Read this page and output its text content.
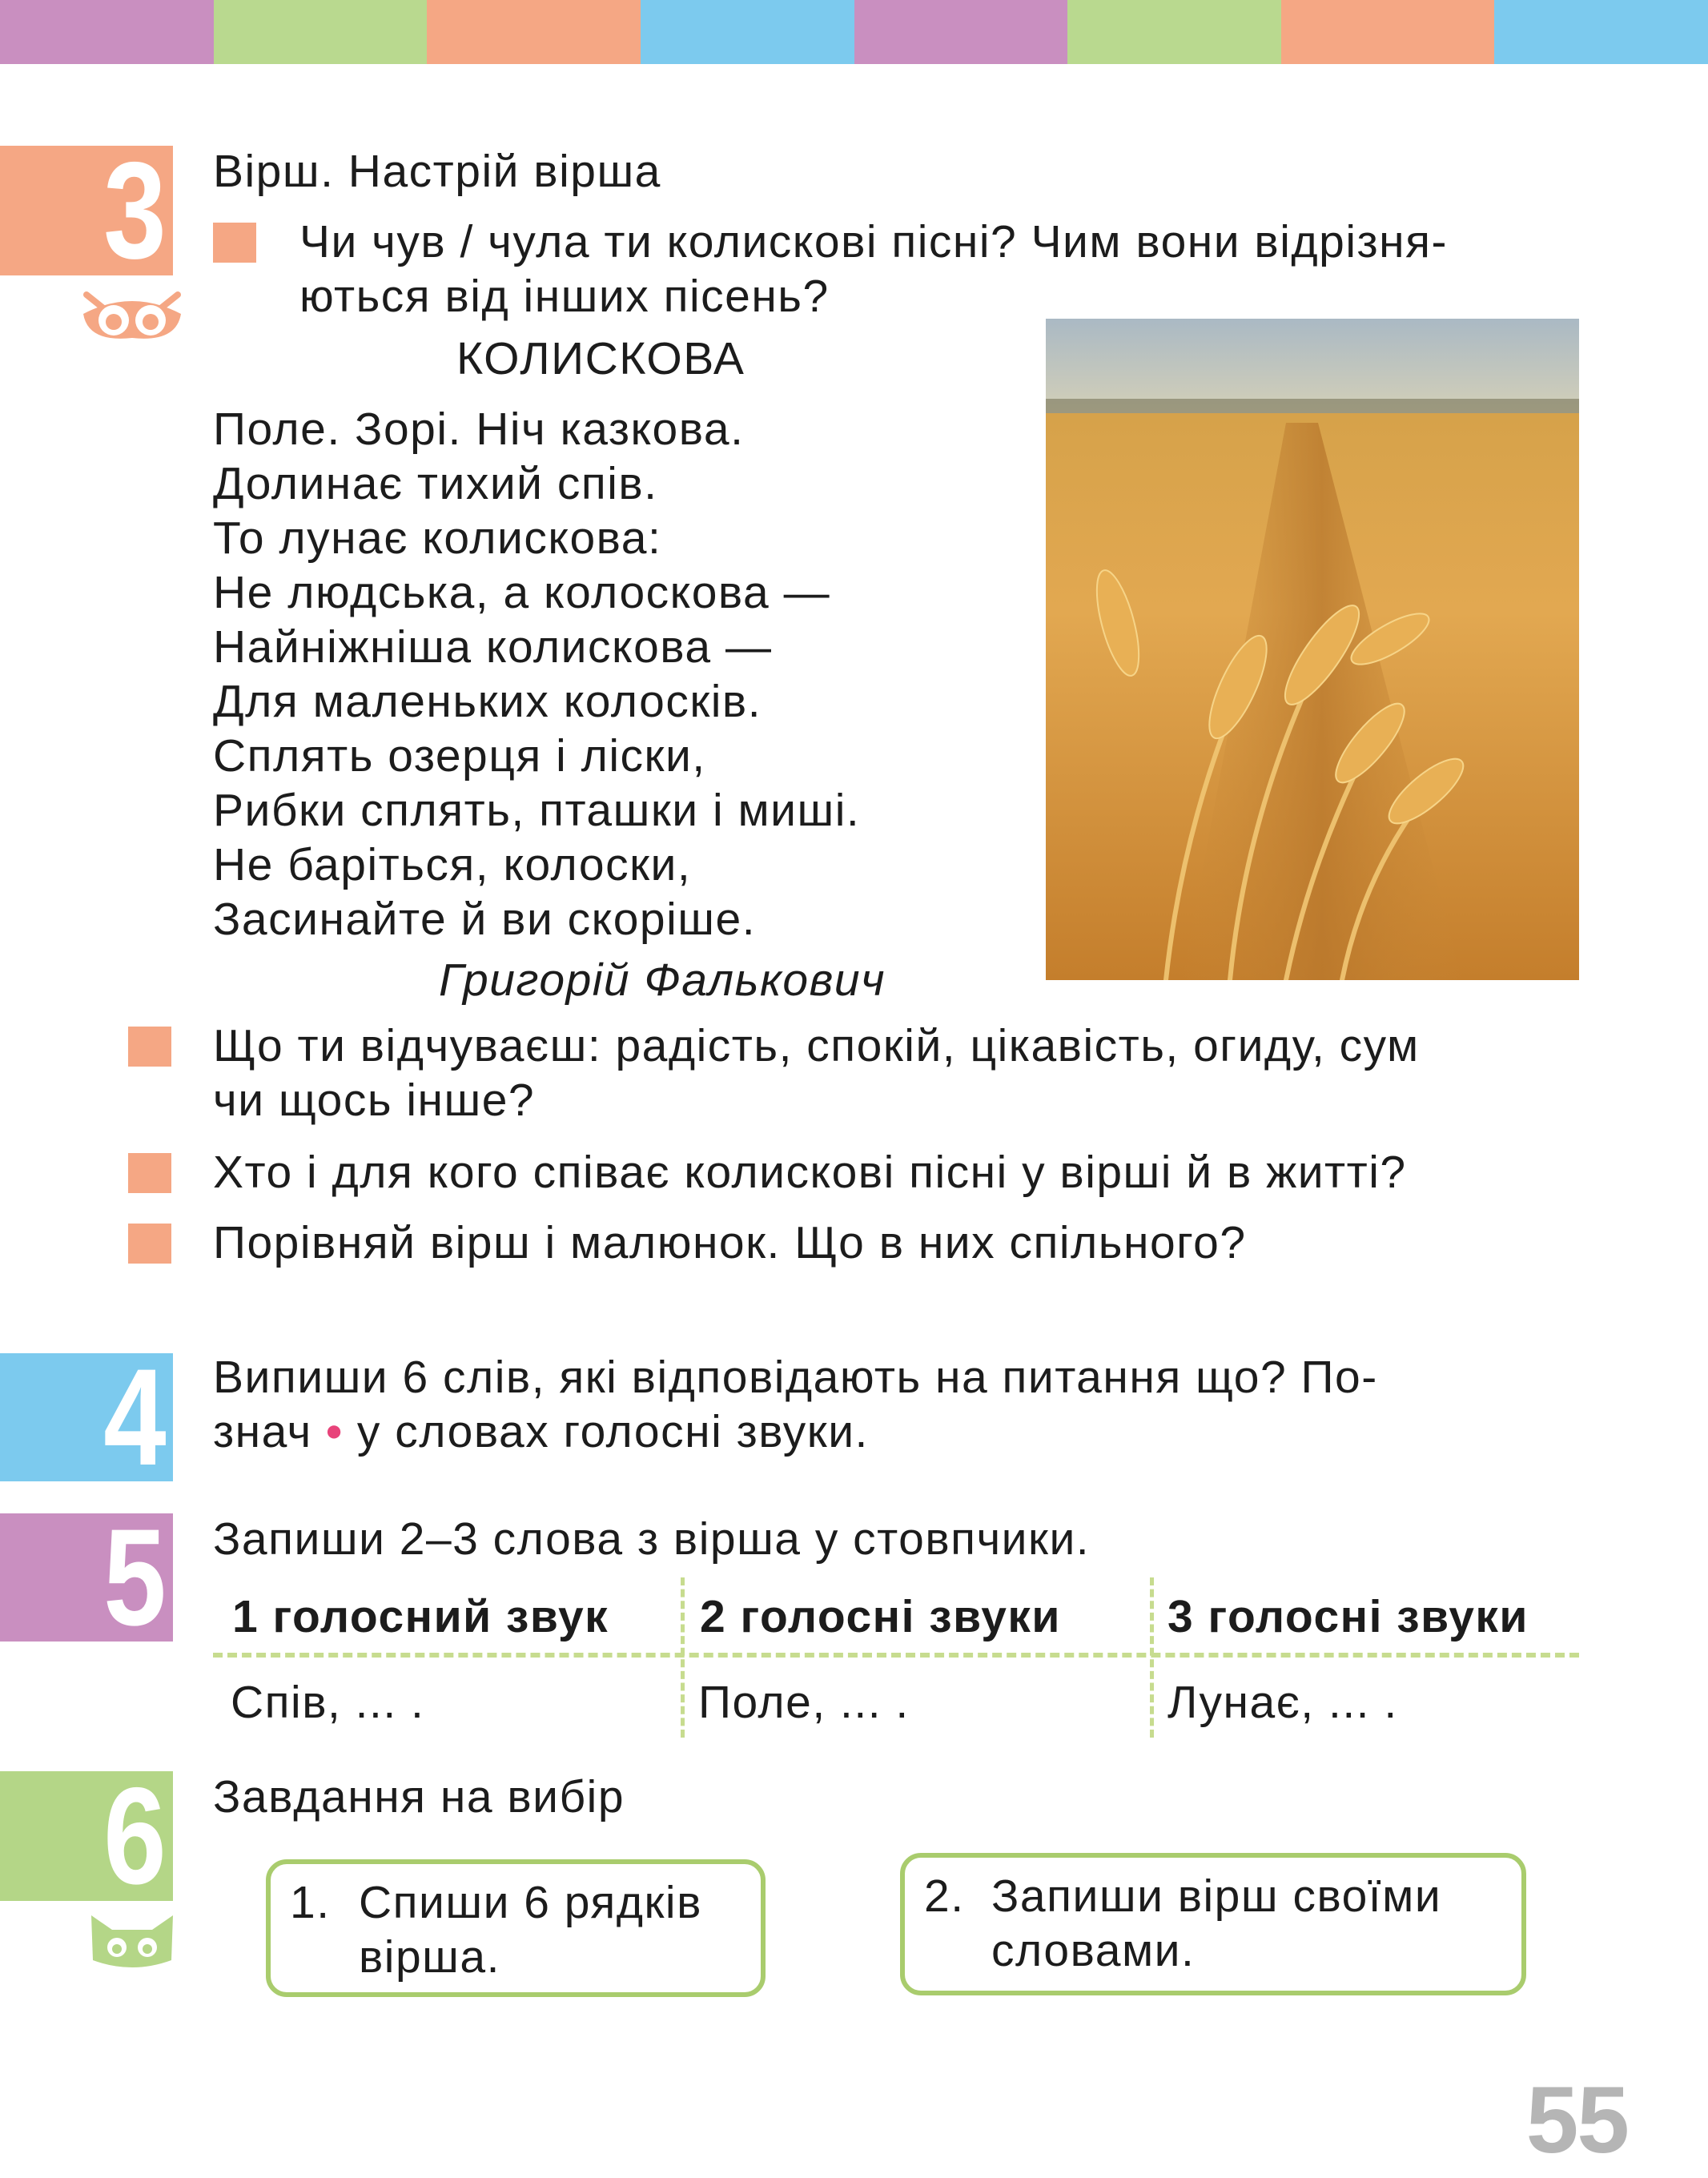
3 Вірш. Настрій вірша
Чи чув / чула ти колискові пісні? Чим вони відрізня-
ються від інших пісень?
КОЛИСКОВА
Поле. Зорі. Ніч казкова.
Долинає тихий спів.
То лунає колискова:
Не людська, а колоскова —
Найніжніша колискова —
Для маленьких колосків.
Сплять озерця і ліски,
Рибки сплять, пташки і миші.
Не баріться, колоски,
Засинайте й ви скоріше.
Григорій Фалькович
Що ти відчуваєш: радість, спокій, цікавість, огиду, сум
чи щось інше?
Хто і для кого співає колискові пісні у вірші й в житті?
Порівняй вірш і малюнок. Що в них спільного?
4 Випиши 6 слів, які відповідають на питання що? По-
знач • у словах голосні звуки.
5 Запиши 2–3 слова з вірша у стовпчики.
1 голосний звук 2 голосні звуки 3 голосні звуки
Спів, ... .	Поле, ... .	Лунає, ... .
6 Завдання на вибір
1. Спиши 6 рядків
вірша.
2. Запиши вірш своїми
словами.
55
